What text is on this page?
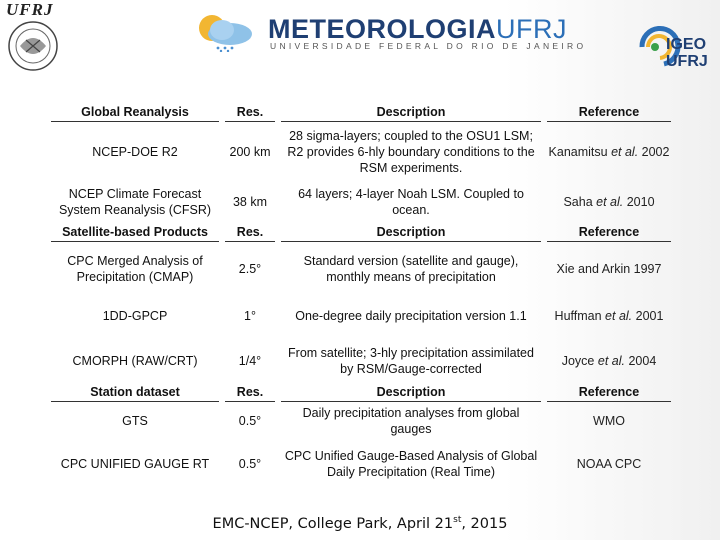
UFRJ
METEOROLOGIAUFRJ
UNIVERSIDADE FEDERAL DO RIO DE JANEIRO	IGEO
UFRJ
Global Reanalysis	Res.	Description	Reference

NCEP-DOE R2	200 km	28 sigma-layers; coupled to the OSU1 LSM; R2 provides 6-hly boundary conditions to the RSM experiments.	Kanamitsu et al. 2002
NCEP Climate Forecast System Reanalysis (CFSR)	38 km	64 layers; 4-layer Noah LSM. Coupled to ocean.	Saha et al. 2010

Satellite-based Products	Res.	Description	Reference

CPC Merged Analysis of Precipitation (CMAP)	2.5°	Standard version (satellite and gauge), monthly means of precipitation	Xie and Arkin 1997
1DD-GPCP	1°	One-degree daily precipitation version 1.1	Huffman et al. 2001
CMORPH (RAW/CRT)	1/4°	From satellite; 3-hly precipitation assimilated by RSM/Gauge-corrected	Joyce et al. 2004

Station dataset	Res.	Description	Reference

GTS	0.5°	Daily precipitation analyses from global gauges	WMO
CPC UNIFIED GAUGE RT	0.5°	CPC Unified Gauge-Based Analysis of Global Daily Precipitation (Real Time)	NOAA CPC
EMC-NCEP, College Park, April 21st, 2015
